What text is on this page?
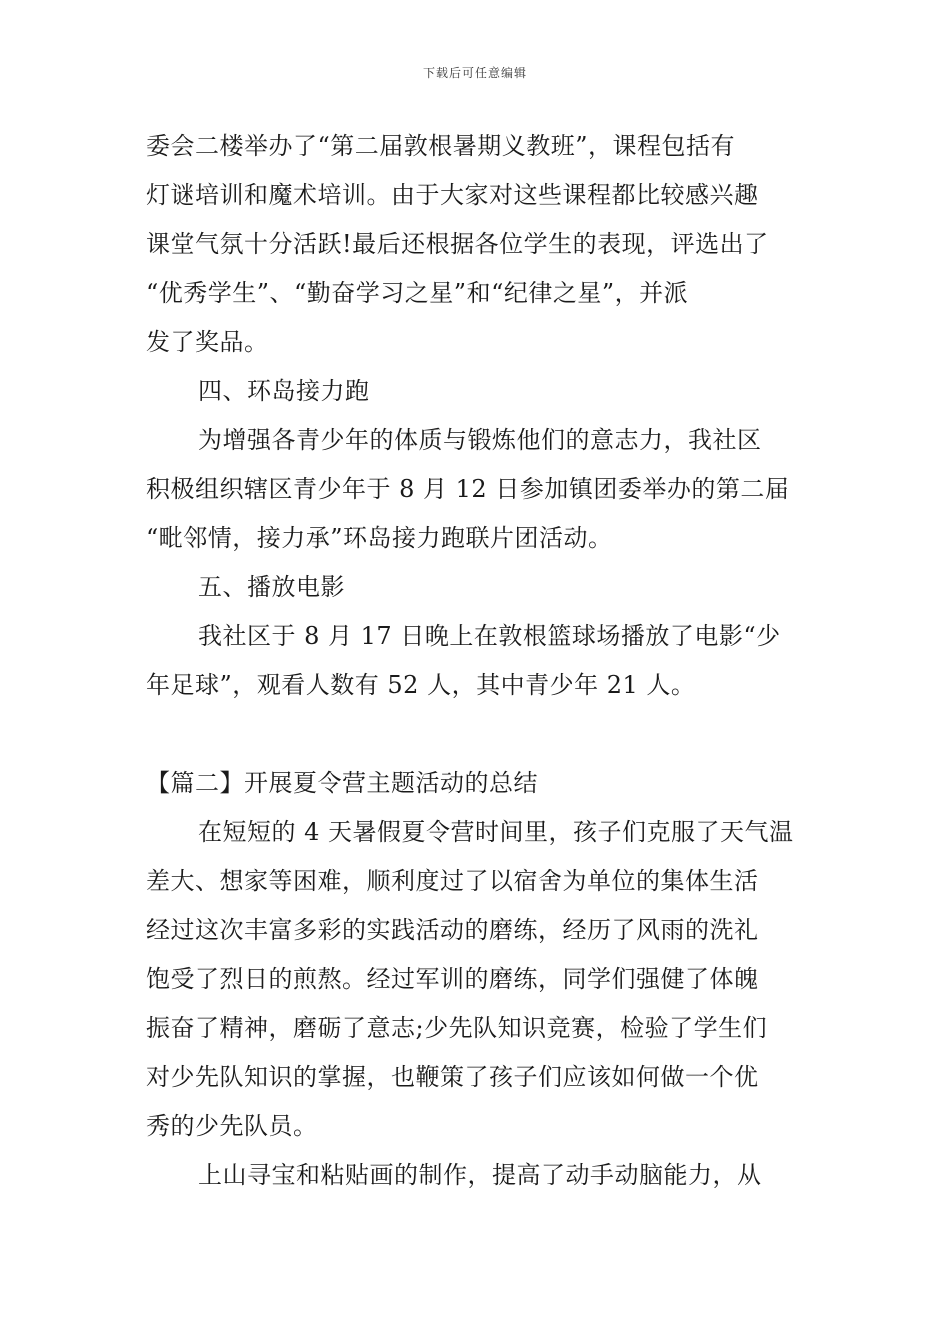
下载后可任意编辑
委会二楼举办了“第二届敦根暑期义教班”，课程包括有
灯谜培训和魔术培训。由于大家对这些课程都比较感兴趣
课堂气氛十分活跃!最后还根据各位学生的表现，评选出了
“优秀学生”、“勤奋学习之星”和“纪律之星”，并派
发了奖品。
四、环岛接力跑
为增强各青少年的体质与锻炼他们的意志力，我社区
积极组织辖区青少年于 8 月 12 日参加镇团委举办的第二届
“毗邻情，接力承”环岛接力跑联片团活动。
五、播放电影
我社区于 8 月 17 日晚上在敦根篮球场播放了电影“少
年足球”，观看人数有 52 人，其中青少年 21 人。
【篇二】开展夏令营主题活动的总结
在短短的 4 天暑假夏令营时间里，孩子们克服了天气温
差大、想家等困难，顺利度过了以宿舍为单位的集体生活
经过这次丰富多彩的实践活动的磨练，经历了风雨的洗礼
饱受了烈日的煎熬。经过军训的磨练，同学们强健了体魄
振奋了精神，磨砺了意志;少先队知识竞赛，检验了学生们
对少先队知识的掌握，也鞭策了孩子们应该如何做一个优
秀的少先队员。
上山寻宝和粘贴画的制作，提高了动手动脑能力，从
